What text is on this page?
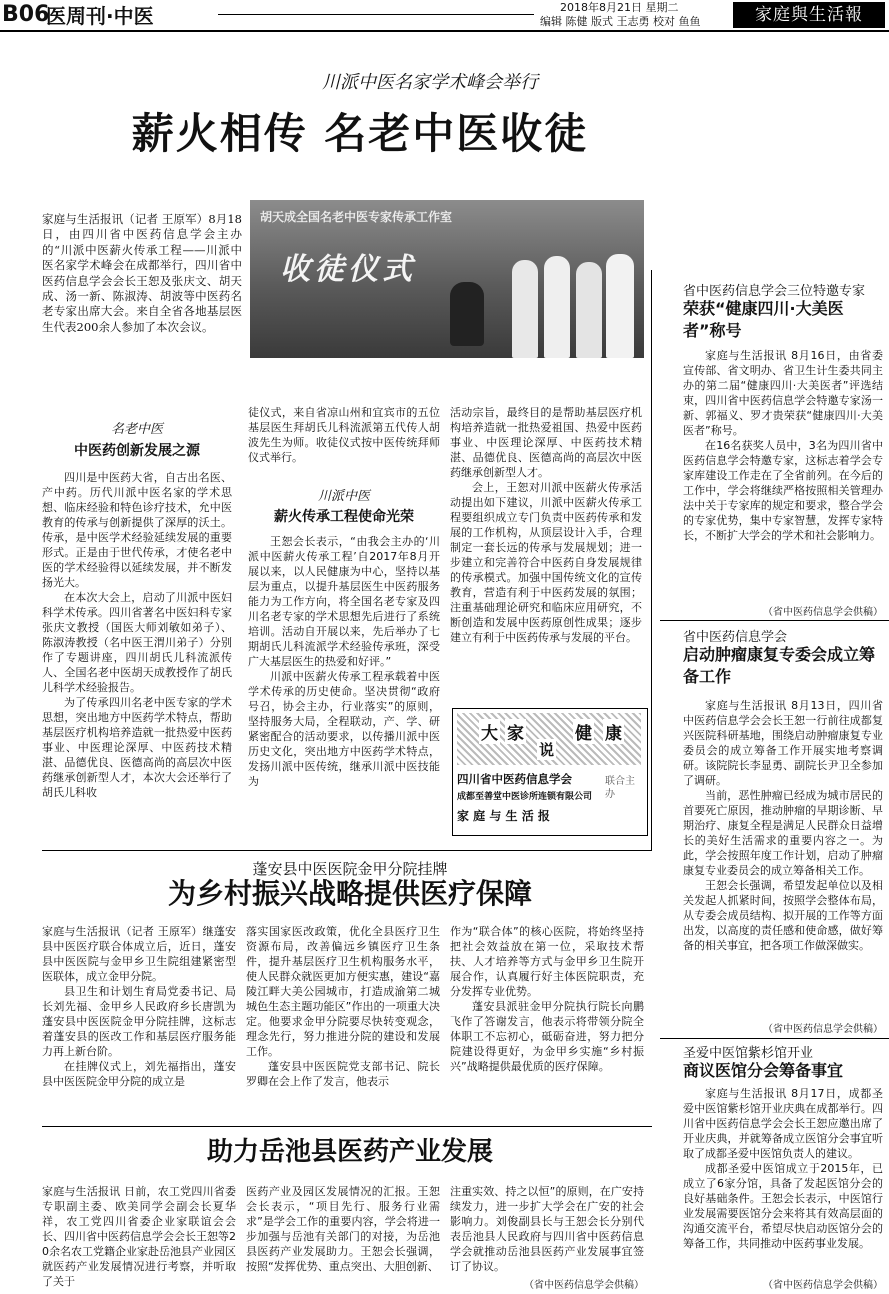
B06
医周刊·中医	2018年8月21日 星期二
编辑 陈健 版式 王志勇 校对 鱼鱼	家庭與生活報
川派中医名家学术峰会举行
薪火相传 名老中医收徒

家庭与生活报讯（记者 王原军）8月18日，由四川省中医药信息学会主办的“川派中医薪火传承工程——川派中医名家学术峰会在成都举行，四川省中医药信息学会会长王恕及张庆文、胡天成、汤一新、陈淑涛、胡波等中医药名老专家出席大会。来自全省各地基层医生代表200余人参加了本次会议。

胡天成全国名老中医专家传承工作室
收徒仪式
名老中医
中医药创新发展之源

四川是中医药大省，自古出名医、产中药。历代川派中医名家的学术思想、临床经验和特色诊疗技术，允中医教育的传承与创新提供了深厚的沃土。传承，是中医学术经验延续发展的重要形式。正是由于世代传承，才使名老中医的学术经验得以延续发展，并不断发扬光大。

在本次大会上，启动了川派中医妇科学术传承。四川省著名中医妇科专家张庆文教授（国医大师刘敏如弟子）、陈淑涛教授（名中医王渭川弟子）分别作了专题讲座，四川胡氏儿科流派传人、全国名老中医胡天成教授作了胡氏儿科学术经验报告。

为了传承四川名老中医专家的学术思想，突出地方中医药学术特点，帮助基层医疗机构培养造就一批热爱中医药事业、中医理论深厚、中医药技术精湛、品德优良、医德高尚的高层次中医药继承创新型人才，本次大会还举行了胡氏儿科收

徒仪式，来自省凉山州和宜宾市的五位基层医生拜胡氏儿科流派第五代传人胡波先生为师。收徒仪式按中医传统拜师仪式举行。

川派中医
薪火传承工程使命光荣

王恕会长表示，“由我会主办的‘川派中医薪火传承工程’自2017年8月开展以来，以人民健康为中心，坚持以基层为重点，以提升基层医生中医药服务能力为工作方向，将全国名老专家及四川名老专家的学术思想先后进行了系统培训。活动自开展以来，先后举办了七期胡氏儿科流派学术经验传承班，深受广大基层医生的热爱和好评。”

川派中医薪火传承工程承载着中医学术传承的历史使命。坚决贯彻“政府号召，协会主办，行业落实”的原则，坚持服务大局，全程联动，产、学、研紧密配合的活动要求，以传播川派中医历史文化，突出地方中医药学术特点，发扬川派中医传统，继承川派中医技能为

活动宗旨，最终目的是帮助基层医疗机构培养造就一批热爱祖国、热爱中医药事业、中医理论深厚、中医药技术精湛、品德优良、医德高尚的高层次中医药继承创新型人才。

会上，王恕对川派中医薪火传承活动提出如下建议，川派中医薪火传承工程要组织成立专门负责中医药传承和发展的工作机构，从顶层设计入手，合理制定一套长远的传承与发展规划；进一步建立和完善符合中医药自身发展规律的传承模式。加强中国传统文化的宣传教育，营造有利于中医药发展的氛围；注重基础理论研究和临床应用研究，不断创造和发展中医药原创性成果；逐步建立有利于中医药传承与发展的平台。

大 家
说
健 康
四川省中医药信息学会
成都至善堂中医诊所连锁有限公司
家 庭 与 生 活 报
联合主办
省中医药信息学会三位特邀专家
荣获“健康四川·大美医者”称号

家庭与生活报讯 8月16日，由省委宣传部、省文明办、省卫生计生委共同主办的第二届“健康四川·大美医者”评选结束，四川省中医药信息学会特邀专家汤一新、郭福义、罗才贵荣获“健康四川·大美医者”称号。

在16名获奖人员中，3名为四川省中医药信息学会特邀专家，这标志着学会专家库建设工作走在了全省前列。在今后的工作中，学会将继续严格按照相关管理办法中关于专家库的规定和要求，整合学会的专家优势，集中专家智慧，发挥专家特长，不断扩大学会的学术和社会影响力。

（省中医药信息学会供稿）
省中医药信息学会
启动肿瘤康复专委会成立筹备工作

家庭与生活报讯 8月13日，四川省中医药信息学会会长王恕一行前往成都复兴医院科研基地，围绕启动肿瘤康复专业委员会的成立筹备工作开展实地考察调研。该院院长李显勇、副院长尹卫全参加了调研。

当前，恶性肿瘤已经成为城市居民的首要死亡原因，推动肿瘤的早期诊断、早期治疗、康复全程是满足人民群众日益增长的美好生活需求的重要内容之一。为此，学会按照年度工作计划，启动了肿瘤康复专业委员会的成立筹备相关工作。

王恕会长强调，希望发起单位以及相关发起人抓紧时间，按照学会整体布局，从专委会成员结构、拟开展的工作等方面出发，以高度的责任感和使命感，做好筹备的相关事宜，把各项工作做深做实。

（省中医药信息学会供稿）
圣爱中医馆紫杉馆开业
商议医馆分会筹备事宜

家庭与生活报讯 8月17日，成都圣爱中医馆紫杉馆开业庆典在成都举行。四川省中医药信息学会会长王恕应邀出席了开业庆典，并就筹备成立医馆分会事宜听取了成都圣爱中医馆负责人的建议。

成都圣爱中医馆成立于2015年，已成立了6家分馆，具备了发起医馆分会的良好基础条件。王恕会长表示，中医馆行业发展需要医馆分会来将其有效高层面的沟通交流平台，希望尽快启动医馆分会的筹备工作，共同推动中医药事业发展。

（省中医药信息学会供稿）
蓬安县中医医院金甲分院挂牌
为乡村振兴战略提供医疗保障

家庭与生活报讯（记者 王原军）继蓬安县中医医疗联合体成立后，近日，蓬安县中医医院与金甲乡卫生院组建紧密型医联体，成立金甲分院。

县卫生和计划生育局党委书记、局长刘先福、金甲乡人民政府乡长唐凯为蓬安县中医医院金甲分院挂牌，这标志着蓬安县的医改工作和基层医疗服务能力再上新台阶。

在挂牌仪式上，刘先福指出，蓬安县中医医院金甲分院的成立是

落实国家医改政策，优化全县医疗卫生资源布局，改善偏远乡镇医疗卫生条件，提升基层医疗卫生机构服务水平，使人民群众就医更加方便实惠，建设“嘉陵江畔大美公园城市，打造成渝第二城城色生态主题功能区”作出的一项重大决定。他要求金甲分院要尽快转变观念，理念先行，努力推进分院的建设和发展工作。

蓬安县中医医院党支部书记、院长罗卿在会上作了发言，他表示

作为“联合体”的核心医院，将始终坚持把社会效益放在第一位，采取技术帮扶、人才培养等方式与金甲乡卫生院开展合作，认真履行好主体医院职责，充分发挥专业优势。

蓬安县派驻金甲分院执行院长向鹏飞作了答谢发言，他表示将带领分院全体职工不忘初心，砥砺奋进，努力把分院建设得更好，为金甲乡实施“乡村振兴”战略提供最优质的医疗保障。

助力岳池县医药产业发展

家庭与生活报讯 日前，农工党四川省委专职副主委、欧美同学会副会长夏华祥，农工党四川省委企业家联谊会会长、四川省中医药信息学会会长王恕等20余名农工党籍企业家赴岳池县产业园区就医药产业发展情况进行考察，并听取了关于

医药产业及园区发展情况的汇报。王恕会长表示，“项目先行、服务行业需求”是学会工作的重要内容，学会将进一步加强与岳池有关部门的对接，为岳池县医药产业发展助力。王恕会长强调，按照“发挥优势、重点突出、大胆创新、

注重实效、持之以恒”的原则，在广安持续发力，进一步扩大学会在广安的社会影响力。刘俊副县长与王恕会长分别代表岳池县人民政府与四川省中医药信息学会就推动岳池县医药产业发展事宜签订了协议。

（省中医药信息学会供稿）
